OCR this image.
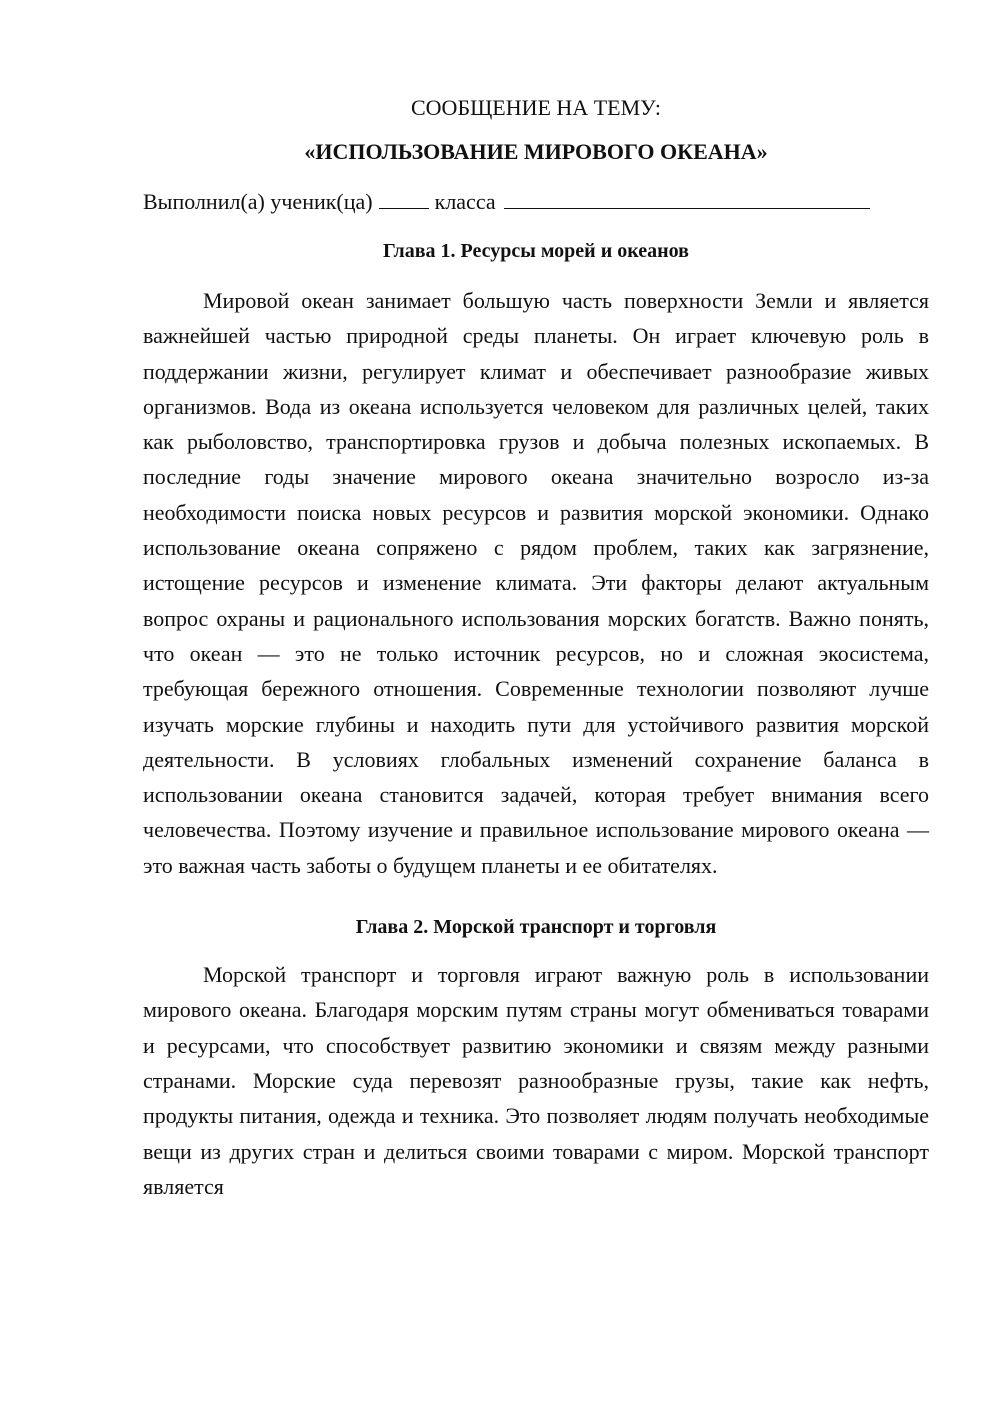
СООБЩЕНИЕ НА ТЕМУ:
«ИСПОЛЬЗОВАНИЕ МИРОВОГО ОКЕАНА»

Выполнил(а) ученик(ца)	класса

Глава 1. Ресурсы морей и океанов

Мировой океан занимает большую часть поверхности Земли и является важнейшей частью природной среды планеты. Он играет ключевую роль в поддержании жизни, регулирует климат и обеспечивает разнообразие живых организмов. Вода из океана используется человеком для различных целей, таких как рыболовство, транспортировка грузов и добыча полезных ископаемых. В последние годы значение мирового океана значительно возросло из-за необходимости поиска новых ресурсов и развития морской экономики. Однако использование океана сопряжено с рядом проблем, таких как загрязнение, истощение ресурсов и изменение климата. Эти факторы делают актуальным вопрос охраны и рационального использования морских богатств. Важно понять, что океан — это не только источник ресурсов, но и сложная экосистема, требующая бережного отношения. Современные технологии позволяют лучше изучать морские глубины и находить пути для устойчивого развития морской деятельности. В условиях глобальных изменений сохранение баланса в использовании океана становится задачей, которая требует внимания всего человечества. Поэтому изучение и правильное использование мирового океана — это важная часть заботы о будущем планеты и ее обитателях.

Глава 2. Морской транспорт и торговля

Морской транспорт и торговля играют важную роль в использовании мирового океана. Благодаря морским путям страны могут обмениваться товарами и ресурсами, что способствует развитию экономики и связям между разными странами. Морские суда перевозят разнообразные грузы, такие как нефть, продукты питания, одежда и техника. Это позволяет людям получать необходимые вещи из других стран и делиться своими товарами с миром. Морской транспорт является
